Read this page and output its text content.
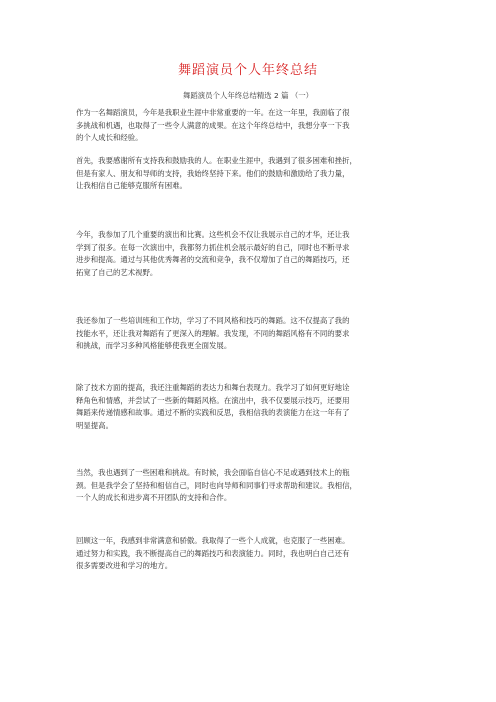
舞蹈演员个人年终总结
舞蹈演员个人年终总结精选 2 篇 （一）
作为一名舞蹈演员，今年是我职业生涯中非常重要的一年。在这一年里，我面临了很
多挑战和机遇，也取得了一些令人满意的成果。在这个年终总结中，我想分享一下我
的个人成长和经验。
首先，我要感谢所有支持我和鼓励我的人。在职业生涯中，我遇到了很多困难和挫折，
但是有家人、朋友和导师的支持，我始终坚持下来。他们的鼓励和激励给了我力量，
让我相信自己能够克服所有困难。
今年，我参加了几个重要的演出和比赛。这些机会不仅让我展示自己的才华，还让我
学到了很多。在每一次演出中，我都努力抓住机会展示最好的自己，同时也不断寻求
进步和提高。通过与其他优秀舞者的交流和竞争，我不仅增加了自己的舞蹈技巧，还
拓宽了自己的艺术视野。
我还参加了一些培训班和工作坊，学习了不同风格和技巧的舞蹈。这不仅提高了我的
技能水平，还让我对舞蹈有了更深入的理解。我发现，不同的舞蹈风格有不同的要求
和挑战，而学习多种风格能够使我更全面发展。
除了技术方面的提高，我还注重舞蹈的表达力和舞台表现力。我学习了如何更好地诠
释角色和情感，并尝试了一些新的舞蹈风格。在演出中，我不仅要展示技巧，还要用
舞蹈来传递情感和故事。通过不断的实践和反思，我相信我的表演能力在这一年有了
明显提高。
当然，我也遇到了一些困难和挑战。有时候，我会面临自信心不足或遇到技术上的瓶
颈。但是我学会了坚持和相信自己，同时也向导师和同事们寻求帮助和建议。我相信，
一个人的成长和进步离不开团队的支持和合作。
回顾这一年，我感到非常满意和骄傲。我取得了一些个人成就，也克服了一些困难。
通过努力和实践，我不断提高自己的舞蹈技巧和表演能力。同时，我也明白自己还有
很多需要改进和学习的地方。
